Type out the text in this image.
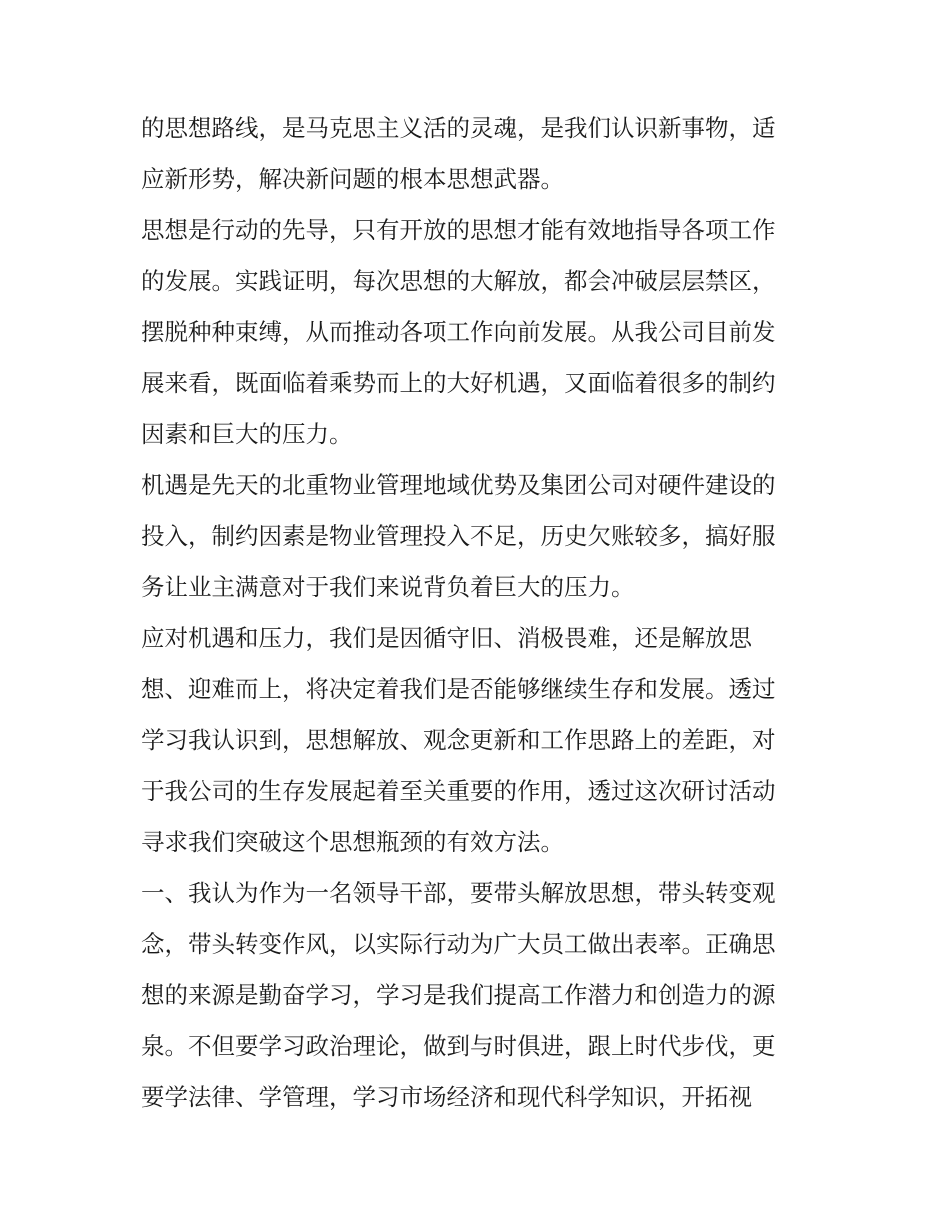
的思想路线，是马克思主义活的灵魂，是我们认识新事物，适
应新形势，解决新问题的根本思想武器。
思想是行动的先导，只有开放的思想才能有效地指导各项工作
的发展。实践证明，每次思想的大解放，都会冲破层层禁区，
摆脱种种束缚，从而推动各项工作向前发展。从我公司目前发
展来看，既面临着乘势而上的大好机遇，又面临着很多的制约
因素和巨大的压力。
机遇是先天的北重物业管理地域优势及集团公司对硬件建设的
投入，制约因素是物业管理投入不足，历史欠账较多，搞好服
务让业主满意对于我们来说背负着巨大的压力。
应对机遇和压力，我们是因循守旧、消极畏难，还是解放思
想、迎难而上，将决定着我们是否能够继续生存和发展。透过
学习我认识到，思想解放、观念更新和工作思路上的差距，对
于我公司的生存发展起着至关重要的作用，透过这次研讨活动
寻求我们突破这个思想瓶颈的有效方法。
一、我认为作为一名领导干部，要带头解放思想，带头转变观
念，带头转变作风，以实际行动为广大员工做出表率。正确思
想的来源是勤奋学习，学习是我们提高工作潜力和创造力的源
泉。不但要学习政治理论，做到与时俱进，跟上时代步伐，更
要学法律、学管理，学习市场经济和现代科学知识，开拓视
